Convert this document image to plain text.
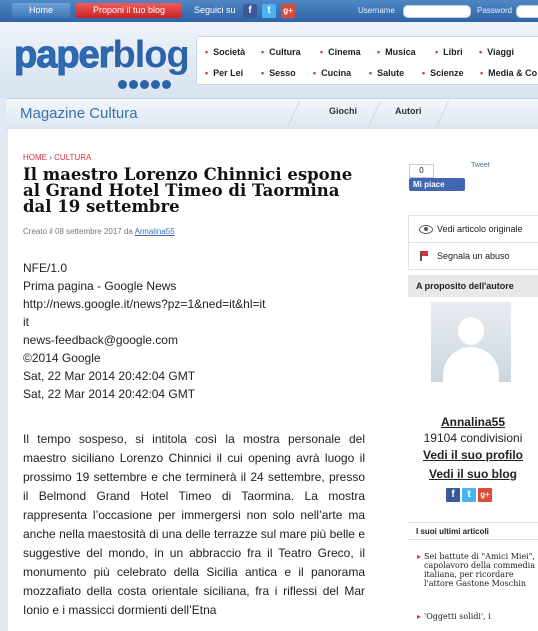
Home	Proponi il tuo blog	Seguici su	f	t	g+	Username	Password
paperblog	• Società	• Cultura	• Cinema	• Musica	• Libri	• Viaggi
• Per Lei	• Sesso	• Cucina	• Salute	• Scienze	• Media & Co
Magazine Cultura	Giochi	Autori
HOME › CULTURA
Il maestro Lorenzo Chinnici espone al Grand Hotel Timeo di Taormina dal 19 settembre
Creato il 08 settembre 2017 da Annalina55
NFE/1.0
Prima pagina - Google News
http://news.google.it/news?pz=1&ned=it&hl=it
it
news-feedback@google.com
©2014 Google
Sat, 22 Mar 2014 20:42:04 GMT
Sat, 22 Mar 2014 20:42:04 GMT

Il tempo sospeso, si intitola così la mostra personale del maestro siciliano Lorenzo Chinnici il cui opening avrà luogo il prossimo 19 settembre e che terminerà il 24 settembre, presso il Belmond Grand Hotel Timeo di Taormina. La mostra rappresenta l’occasione per immergersi non solo nell’arte ma anche nella maestosità di una delle terrazze sul mare più belle e suggestive del mondo, in un abbraccio fra il Teatro Greco, il monumento più celebrato della Sicilia antica e il panorama mozzafiato della costa orientale siciliana, fra i riflessi del Mar Ionio e i massicci dormienti dell’Etna

0
Mi piace
Tweet
Vedi articolo originale
Segnala un abuso
A proposito dell'autore
Annalina55
19104 condivisioni
Vedi il suo profilo
Vedi il suo blog
f	t	g+
I suoi ultimi articoli
▸ Sei battute di "Amici Miei", capolavoro della commedia italiana, per ricordare l'attore Gastone Moschin
▸ 'Oggetti solidi', i
